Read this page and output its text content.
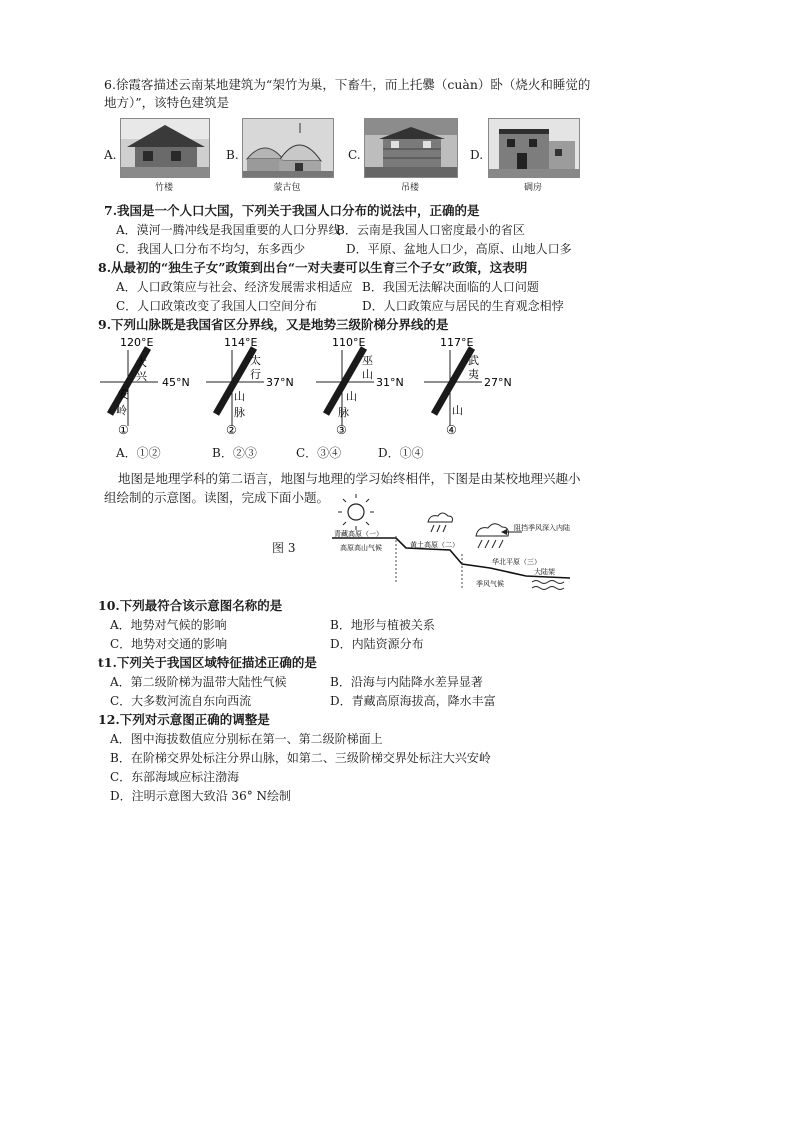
6.徐霞客描述云南某地建筑为“架竹为巢，下畜牛，而上托爨（cuàn）卧（烧火和睡觉的
地方）”，该特色建筑是
A.
竹楼
B.
蒙古包
C.
吊楼
D.
碉房
7.我国是一个人口大国，下列关于我国人口分布的说法中，正确的是
A．漠河一腾冲线是我国重要的人口分界线
B．云南是我国人口密度最小的省区
C．我国人口分布不均匀，东多西少	D．平原、盆地人口少，高原、山地人口多
8.从最初的“独生子女”政策到出台“一对夫妻可以生育三个子女”政策，这表明
A．人口政策应与社会、经济发展需求相适应 B．我国无法解决面临的人口问题
C．人口政策改变了我国人口空间分布	D．人口政策应与居民的生育观念相悖
9.下列山脉既是我国省区分界线，又是地势三级阶梯分界线的是
120°E
45°N
大
兴
安
岭
①
114°E
37°N
太
行
山
脉
②
110°E
31°N
巫
山
山
脉
③
117°E
27°N
武
夷
山
④
A．①②	B．②③	C．③④	D．①④
地图是地理学科的第二语言，地图与地理的学习始终相伴，下图是由某校地理兴趣小
组绘制的示意图。读图，完成下面小题。
图 3
青藏高原（一）
高原高山气候	黄土高原（二）
阻挡季风深入内陆
华北平原（三）
季风气候
大陆架
10.下列最符合该示意图名称的是
A．地势对气候的影响	B．地形与植被关系
C．地势对交通的影响	D．内陆资源分布
t1.下列关于我国区域特征描述正确的是
A．第二级阶梯为温带大陆性气候	B．沿海与内陆降水差异显著
C．大多数河流自东向西流	D．青藏高原海拔高，降水丰富
12.下列对示意图正确的调整是
A．图中海拔数值应分别标在第一、第二级阶梯面上
B．在阶梯交界处标注分界山脉，如第二、三级阶梯交界处标注大兴安岭
C．东部海域应标注渤海
D．注明示意图大致沿 36° N绘制
